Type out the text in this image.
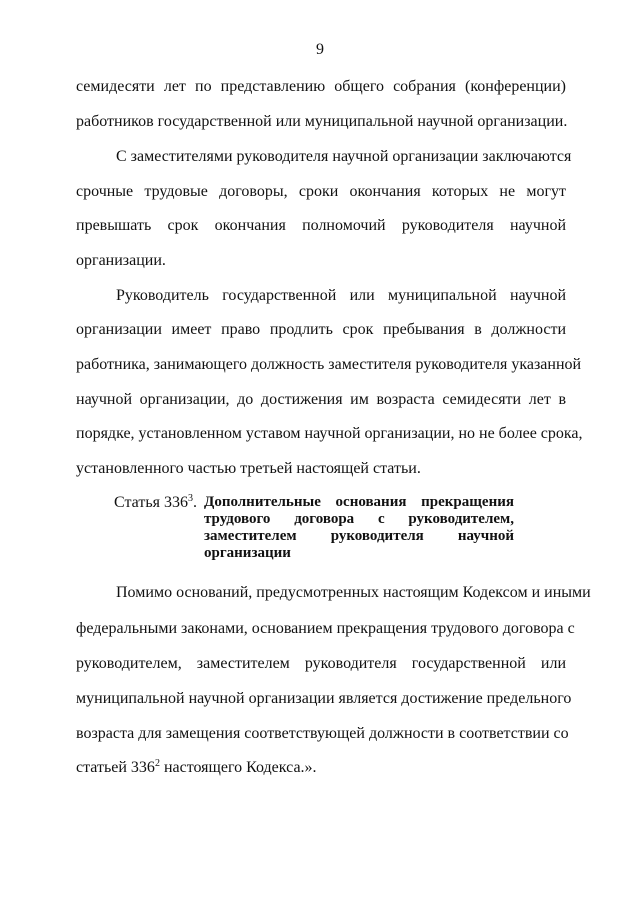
9
семидесяти лет по представлению общего собрания (конференции)
работников государственной или муниципальной научной организации.
С заместителями руководителя научной организации заключаются
срочные трудовые договоры, сроки окончания которых не могут
превышать срок окончания полномочий руководителя научной
организации.
Руководитель государственной или муниципальной научной
организации имеет право продлить срок пребывания в должности
работника, занимающего должность заместителя руководителя указанной
научной организации, до достижения им возраста семидесяти лет в
порядке, установленном уставом научной организации, но не более срока,
установленного частью третьей настоящей статьи.
Статья $336^3$. Дополнительные основания прекращения
трудового договора с руководителем,
заместителем руководителя научной
организации
Помимо оснований, предусмотренных настоящим Кодексом и иными
федеральными законами, основанием прекращения трудового договора с
руководителем, заместителем руководителя государственной или
муниципальной научной организации является достижение предельного
возраста для замещения соответствующей должности в соответствии со
статьей $336^2$ настоящего Кодекса.».
